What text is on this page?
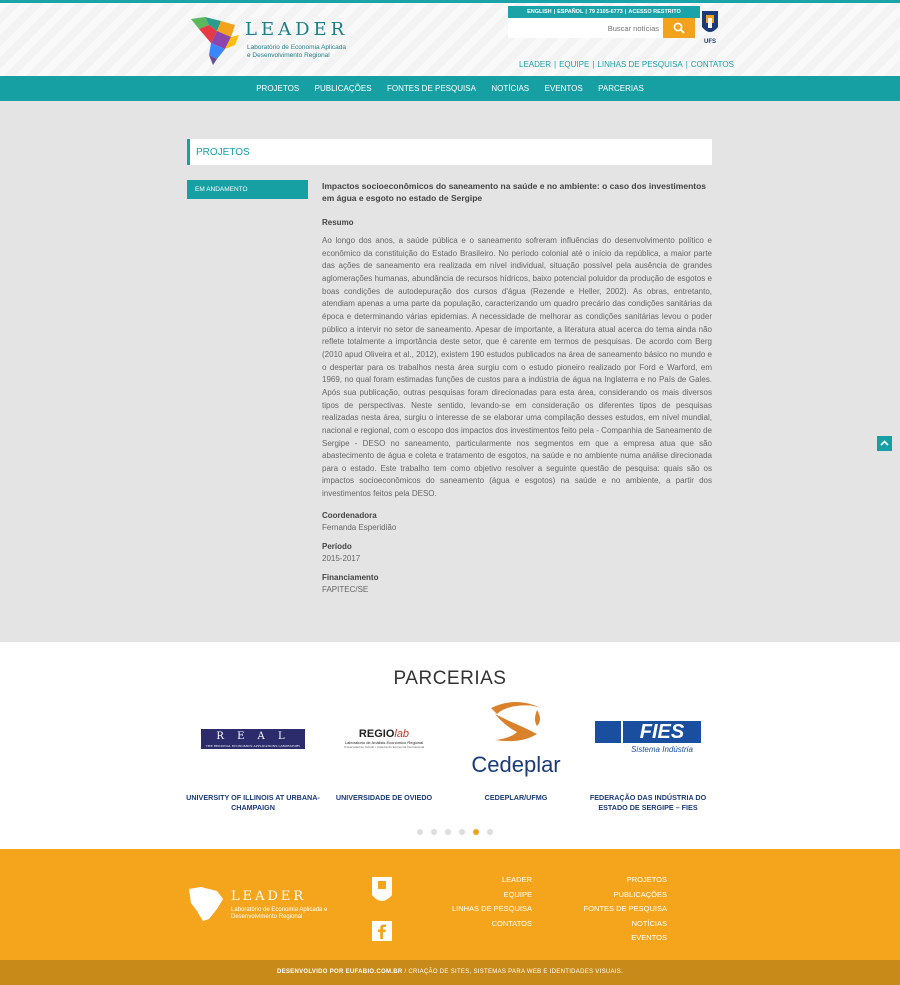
LEADER
Laboratório de Economia Aplicada e Desenvolvimento Regional
ENGLISH | ESPAÑOL | 79 2105-6773 | ACESSO RESTRITO
Buscar notícias
UFS
LEADER | EQUIPE | LINHAS DE PESQUISA | CONTATOS
PROJETOS PUBLICAÇÕES FONTES DE PESQUISA NOTÍCIAS EVENTOS PARCERIAS
PROJETOS
EM ANDAMENTO	Impactos socioeconômicos do saneamento na saúde e no ambiente: o caso dos investimentos em água e esgoto no estado de Sergipe
Resumo
Ao longo dos anos, a saúde pública e o saneamento sofreram influências do desenvolvimento político e econômico da constituição do Estado Brasileiro. No período colonial até o início da república, a maior parte das ações de saneamento era realizada em nível individual, situação possível pela ausência de grandes aglomerações humanas, abundância de recursos hídricos, baixo potencial poluidor da produção de esgotos e boas condições de autodepuração dos cursos d'água (Rezende e Heller, 2002). As obras, entretanto, atendiam apenas a uma parte da população, caracterizando um quadro precário das condições sanitárias da época e determinando várias epidemias. A necessidade de melhorar as condições sanitárias levou o poder público a intervir no setor de saneamento. Apesar de importante, a literatura atual acerca do tema ainda não reflete totalmente a importância deste setor, que é carente em termos de pesquisas. De acordo com Berg (2010 apud Oliveira et al., 2012), existem 190 estudos publicados na área de saneamento básico no mundo e o despertar para os trabalhos nesta área surgiu com o estudo pioneiro realizado por Ford e Warford, em 1969, no qual foram estimadas funções de custos para a indústria de água na Inglaterra e no País de Gales. Após sua publicação, outras pesquisas foram direcionadas para esta área, considerando os mais diversos tipos de perspectivas. Neste sentido, levando-se em consideração os diferentes tipos de pesquisas realizadas nesta área, surgiu o interesse de se elaborar uma compilação desses estudos, em nível mundial, nacional e regional, com o escopo dos impactos dos investimentos feito pela - Companhia de Saneamento de Sergipe - DESO no saneamento, particularmente nos segmentos em que a empresa atua que são abastecimento de água e coleta e tratamento de esgotos, na saúde e no ambiente numa análise direcionada para o estado. Este trabalho tem como objetivo resolver a seguinte questão de pesquisa: quais são os impactos socioeconômicos do saneamento (água e esgotos) na saúde e no ambiente, a partir dos investimentos feitos pela DESO.
Coordenadora
Fernanda Esperidião
Período
2015-2017
Financiamento
FAPITEC/SE
PARCERIAS
R E A L
THE REGIONAL ECONOMICS APPLICATIONS LABORATORY
UNIVERSITY OF ILLINOIS AT URBANA-CHAMPAIGN
REGIOlab
Laboratorio de Análisis Económico Regional
Universidad de Oviedo • Cátedra de Economía Internacional
UNIVERSIDADE DE OVIEDO
Cedeplar
CEDEPLAR/UFMG
FIES
Sistema Indústria
FEDERAÇÃO DAS INDÚSTRIA DO ESTADO DE SERGIPE – FIES
LEADER
Laboratório de Economia Aplicada e Desenvolvimento Regional
LEADER
EQUIPE
LINHAS DE PESQUISA
CONTATOS
PROJETOS
PUBLICAÇÕES
FONTES DE PESQUISA
NOTÍCIAS
EVENTOS
DESENVOLVIDO POR EUFABIO.COM.BR / CRIAÇÃO DE SITES, SISTEMAS PARA WEB E IDENTIDADES VISUAIS.
